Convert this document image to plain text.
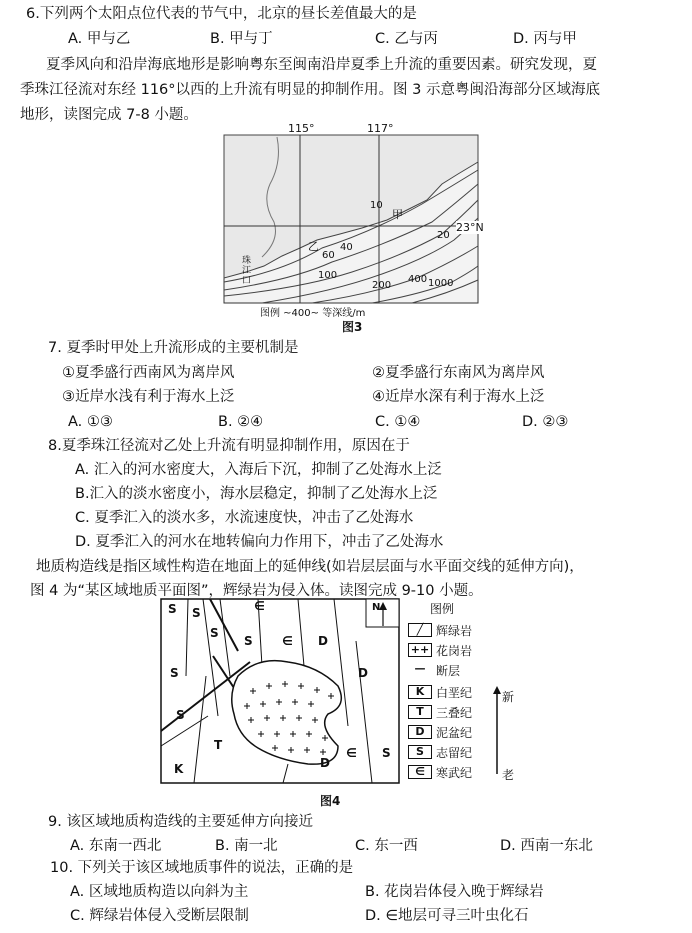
6.下列两个太阳点位代表的节气中，北京的昼长差值最大的是
A. 甲与乙	B. 甲与丁	C. 乙与丙	D. 丙与甲
夏季风向和沿岸海底地形是影响粤东至闽南沿岸夏季上升流的重要因素。研究发现，夏
季珠江径流对东经 116°以西的上升流有明显的抑制作用。图 3 示意粤闽沿海部分区域海底
地形，读图完成 7-8 小题。
115°	117°
23°N
10
20
40
60
100
200
400 1000
甲
乙
珠江口
图例 ~400~ 等深线/m
图3
7. 夏季时甲处上升流形成的主要机制是
①夏季盛行西南风为离岸风	②夏季盛行东南风为离岸风
③近岸水浅有利于海水上泛	④近岸水深有利于海水上泛
A. ①③	B. ②④	C. ①④	D. ②③
8.夏季珠江径流对乙处上升流有明显抑制作用，原因在于
A. 汇入的河水密度大，入海后下沉，抑制了乙处海水上泛
B.汇入的淡水密度小，海水层稳定，抑制了乙处海水上泛
C. 夏季汇入的淡水多，水流速度快，冲击了乙处海水
D. 夏季汇入的河水在地转偏向力作用下，冲击了乙处海水
地质构造线是指区域性构造在地面上的延伸线(如岩层层面与水平面交线的延伸方向)，
图 4 为“某区域地质平面图”，辉绿岩为侵入体。读图完成 9-10 小题。
S S
S
S
∈
∈ D
D
S
S
T
K
S
∈
D
N	图例
╱	辉绿岩
++ 花岗岩
— 断层
K 白垩纪
T	三叠纪
D 泥盆纪
S	志留纪
∈ 寒武纪
新
老
图4
9. 该区域地质构造线的主要延伸方向接近
A. 东南一西北	B. 南一北	C. 东一西	D. 西南一东北
10. 下列关于该区域地质事件的说法，正确的是
A. 区域地质构造以向斜为主	B. 花岗岩体侵入晚于辉绿岩
C. 辉绿岩体侵入受断层限制	D. ∈地层可寻三叶虫化石
